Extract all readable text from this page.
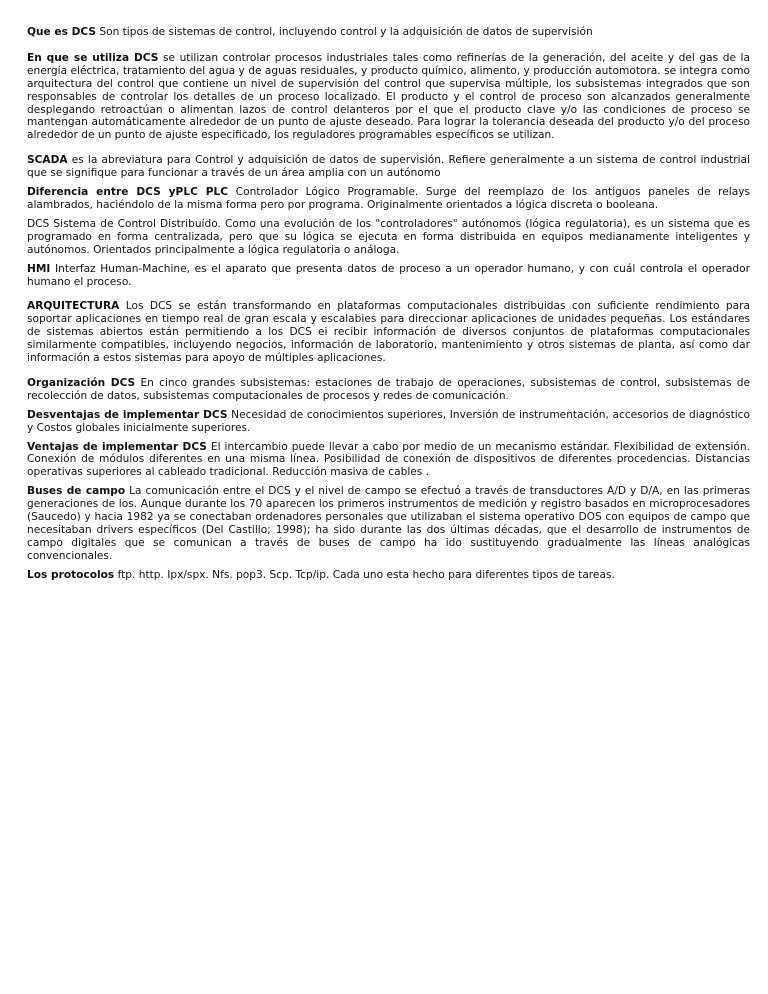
Que es DCS Son tipos de sistemas de control, incluyendo control y la adquisición de datos de supervisión

En que se utiliza DCS se utilizan controlar procesos industriales tales como refinerías de la generación, del aceite y del gas de la energía eléctrica, tratamiento del agua y de aguas residuales, y producto químico, alimento, y producción automotora. se integra como arquitectura del control que contiene un nivel de supervisión del control que supervisa múltiple, los subsistemas integrados que son responsables de controlar los detalles de un proceso localizado. El producto y el control de proceso son alcanzados generalmente desplegando retroactúan o alimentan lazos de control delanteros por el que el producto clave y/o las condiciones de proceso se mantengan automáticamente alrededor de un punto de ajuste deseado. Para lograr la tolerancia deseada del producto y/o del proceso alrededor de un punto de ajuste especificado, los reguladores programables específicos se utilizan.

SCADA es la abreviatura para Control y adquisición de datos de supervisión. Refiere generalmente a un sistema de control industrial que se signifique para funcionar a través de un área amplia con un autónomo

Diferencia entre DCS yPLC PLC Controlador Lógico Programable. Surge del reemplazo de los antiguos paneles de relays alambrados, haciéndolo de la misma forma pero por programa. Originalmente orientados a lógica discreta o booleana.

DCS Sistema de Control Distribuído. Como una evolución de los "controladores" autónomos (lógica regulatoria), es un sistema que es programado en forma centralizada, pero que su lógica se ejecuta en forma distribuida en equipos medianamente inteligentes y autónomos. Orientados principalmente a lógica regulatoria o análoga.

HMI Interfaz Human-Machine, es el aparato que presenta datos de proceso a un operador humano, y con cuál controla el operador humano el proceso.

ARQUITECTURA Los DCS se están transformando en plataformas computacionales distribuidas con suficiente rendimiento para soportar aplicaciones en tiempo real de gran escala y escalabies para direccionar aplicaciones de unidades pequeñas. Los estándares de sistemas abiertos están permitiendo a los DCS ei recibir información de diversos conjuntos de plataformas computacionales similarmente compatibles, incluyendo negocios, información de laboratorio, mantenimiento y otros sistemas de planta, así como dar información a estos sistemas para apoyo de múltiples aplicaciones.

Organización DCS En cinco grandes subsistemas: estaciones de trabajo de operaciones, subsistemas de control, subsistemas de recolección de datos, subsistemas computacionales de procesos y redes de comunicación.

Desventajas de implementar DCS Necesidad de conocimientos superiores, Inversión de instrumentación, accesorios de diagnóstico y Costos globales inicialmente superiores.

Ventajas de implementar DCS El intercambio puede llevar a cabo por medio de un mecanismo estándar. Flexibilidad de extensión. Conexión de módulos diferentes en una misma línea. Posibilidad de conexión de dispositivos de diferentes procedencias. Distancias operativas superiores al cableado tradicional. Reducción masiva de cables .

Buses de campo La comunicación entre el DCS y el nivel de campo se efectuó a través de transductores A/D y D/A, en las primeras generaciones de los. Aunque durante los 70 aparecen los primeros instrumentos de medición y registro basados en microprocesadores (Saucedo) y hacia 1982 ya se conectaban ordenadores personales que utilizaban el sistema operativo DOS con equipos de campo que necesitaban drivers específicos (Del Castillo; 1998); ha sido durante las dos últimas décadas, que el desarrollo de instrumentos de campo digitales que se comunican a través de buses de campo ha ido sustituyendo gradualmente las líneas analógicas convencionales.

Los protocolos ftp. http. Ipx/spx. Nfs. pop3. Scp. Tcp/ip. Cada uno esta hecho para diferentes tipos de tareas.
